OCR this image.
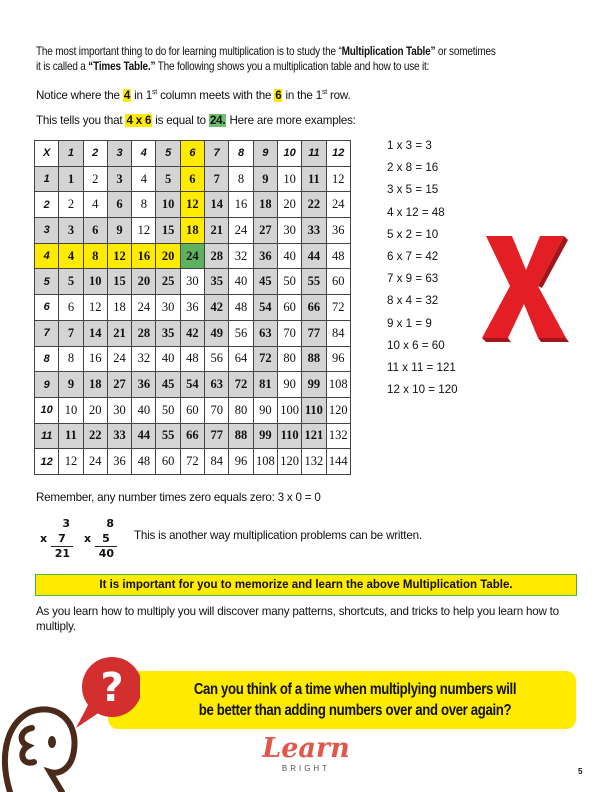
The most important thing to do for learning multiplication is to study the “Multiplication Table” or sometimes
it is called a “Times Table.” The following shows you a multiplication table and how to use it:
Notice where the 4 in 1st column meets with the 6 in the 1st row.
This tells you that 4 x 6 is equal to 24. Here are more examples:
X	1	2	3	4	5	6	7	8	9	10	11	12
1	1	2	3	4	5	6	7	8	9	10	11	12
2	2	4	6	8	10	12	14	16	18	20	22	24
3	3	6	9	12	15	18	21	24	27	30	33	36
4	4	8	12	16	20	24	28	32	36	40	44	48
5	5	10	15	20	25	30	35	40	45	50	55	60
6	6	12	18	24	30	36	42	48	54	60	66	72
7	7	14	21	28	35	42	49	56	63	70	77	84
8	8	16	24	32	40	48	56	64	72	80	88	96
9	9	18	27	36	45	54	63	72	81	90	99	108
10	10	20	30	40	50	60	70	80	90	100	110	120
11	11	22	33	44	55	66	77	88	99	110	121	132
12	12	24	36	48	60	72	84	96	108	120	132	144
1 x 3 = 3
2 x 8 = 16
3 x 5 = 15
4 x 12 = 48
5 x 2 = 10
6 x 7 = 42
7 x 9 = 63
8 x 4 = 32
9 x 1 = 9
10 x 6 = 60
11 x 11 = 121
12 x 10 = 120
Remember, any number times zero equals zero: 3 x 0 = 0
3
x 7
21
8
x 5
40
This is another way multiplication problems can be written.
It is important for you to memorize and learn the above Multiplication Table.
As you learn how to multiply you will discover many patterns, shortcuts, and tricks to help you learn how to multiply.
Can you think of a time when multiplying numbers will
be better than adding numbers over and over again?
?
Learn
BRIGHT	5
